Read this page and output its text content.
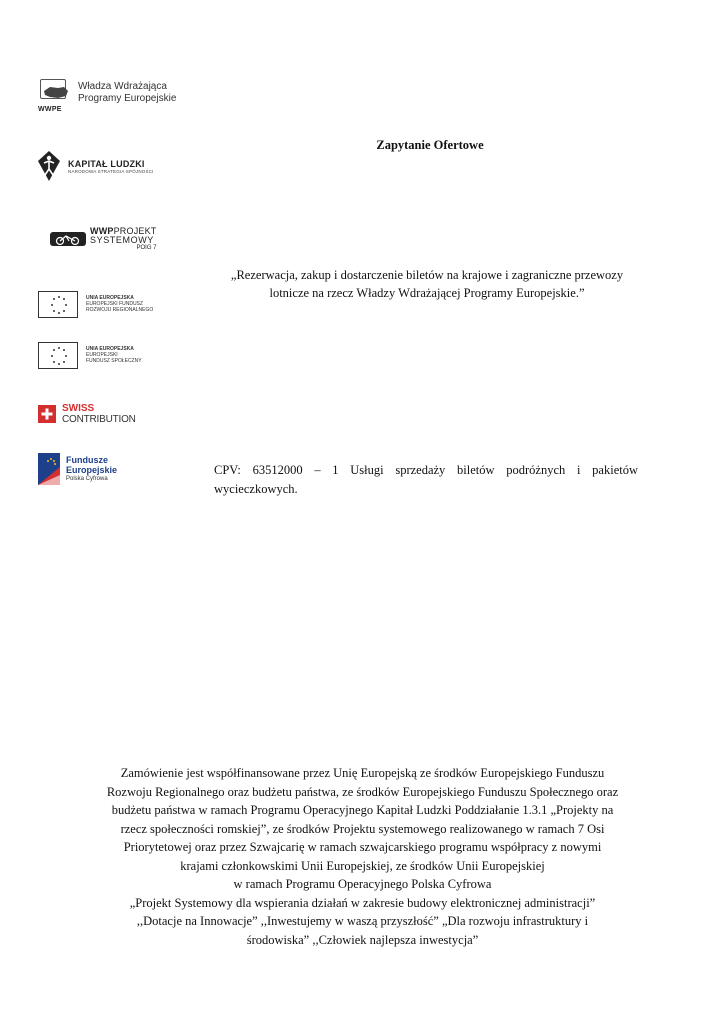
WWPE
Władza Wdrażająca
Programy Europejskie
KAPITAŁ LUDZKI
NARODOWA STRATEGIA SPÓJNOŚCI
WWPPROJEKT
SYSTEMOWY
POIG 7
UNIA EUROPEJSKA
EUROPEJSKI FUNDUSZ
ROZWOJU REGIONALNEGO
UNIA EUROPEJSKA
EUROPEJSKI
FUNDUSZ SPOŁECZNY
SWISS
CONTRIBUTION
Fundusze
Europejskie
Polska Cyfrowa
Zapytanie Ofertowe
„Rezerwacja, zakup i dostarczenie biletów na krajowe i zagraniczne przewozy lotnicze na rzecz Władzy Wdrażającej Programy Europejskie.”
CPV: 63512000 – 1 Usługi sprzedaży biletów podróżnych i pakietów wycieczkowych.
Zamówienie jest współfinansowane przez Unię Europejską ze środków Europejskiego Funduszu
Rozwoju Regionalnego oraz budżetu państwa, ze środków Europejskiego Funduszu Społecznego oraz
budżetu państwa w ramach Programu Operacyjnego Kapitał Ludzki Poddziałanie 1.3.1 „Projekty na
rzecz społeczności romskiej”, ze środków Projektu systemowego realizowanego w ramach 7 Osi
Priorytetowej oraz przez Szwajcarię w ramach szwajcarskiego programu współpracy z nowymi
krajami członkowskimi Unii Europejskiej, ze środków Unii Europejskiej
w ramach Programu Operacyjnego Polska Cyfrowa
„Projekt Systemowy dla wspierania działań w zakresie budowy elektronicznej administracji”
,,Dotacje na Innowacje” ,,Inwestujemy w waszą przyszłość” „Dla rozwoju infrastruktury i
środowiska” ,,Człowiek najlepsza inwestycja”
